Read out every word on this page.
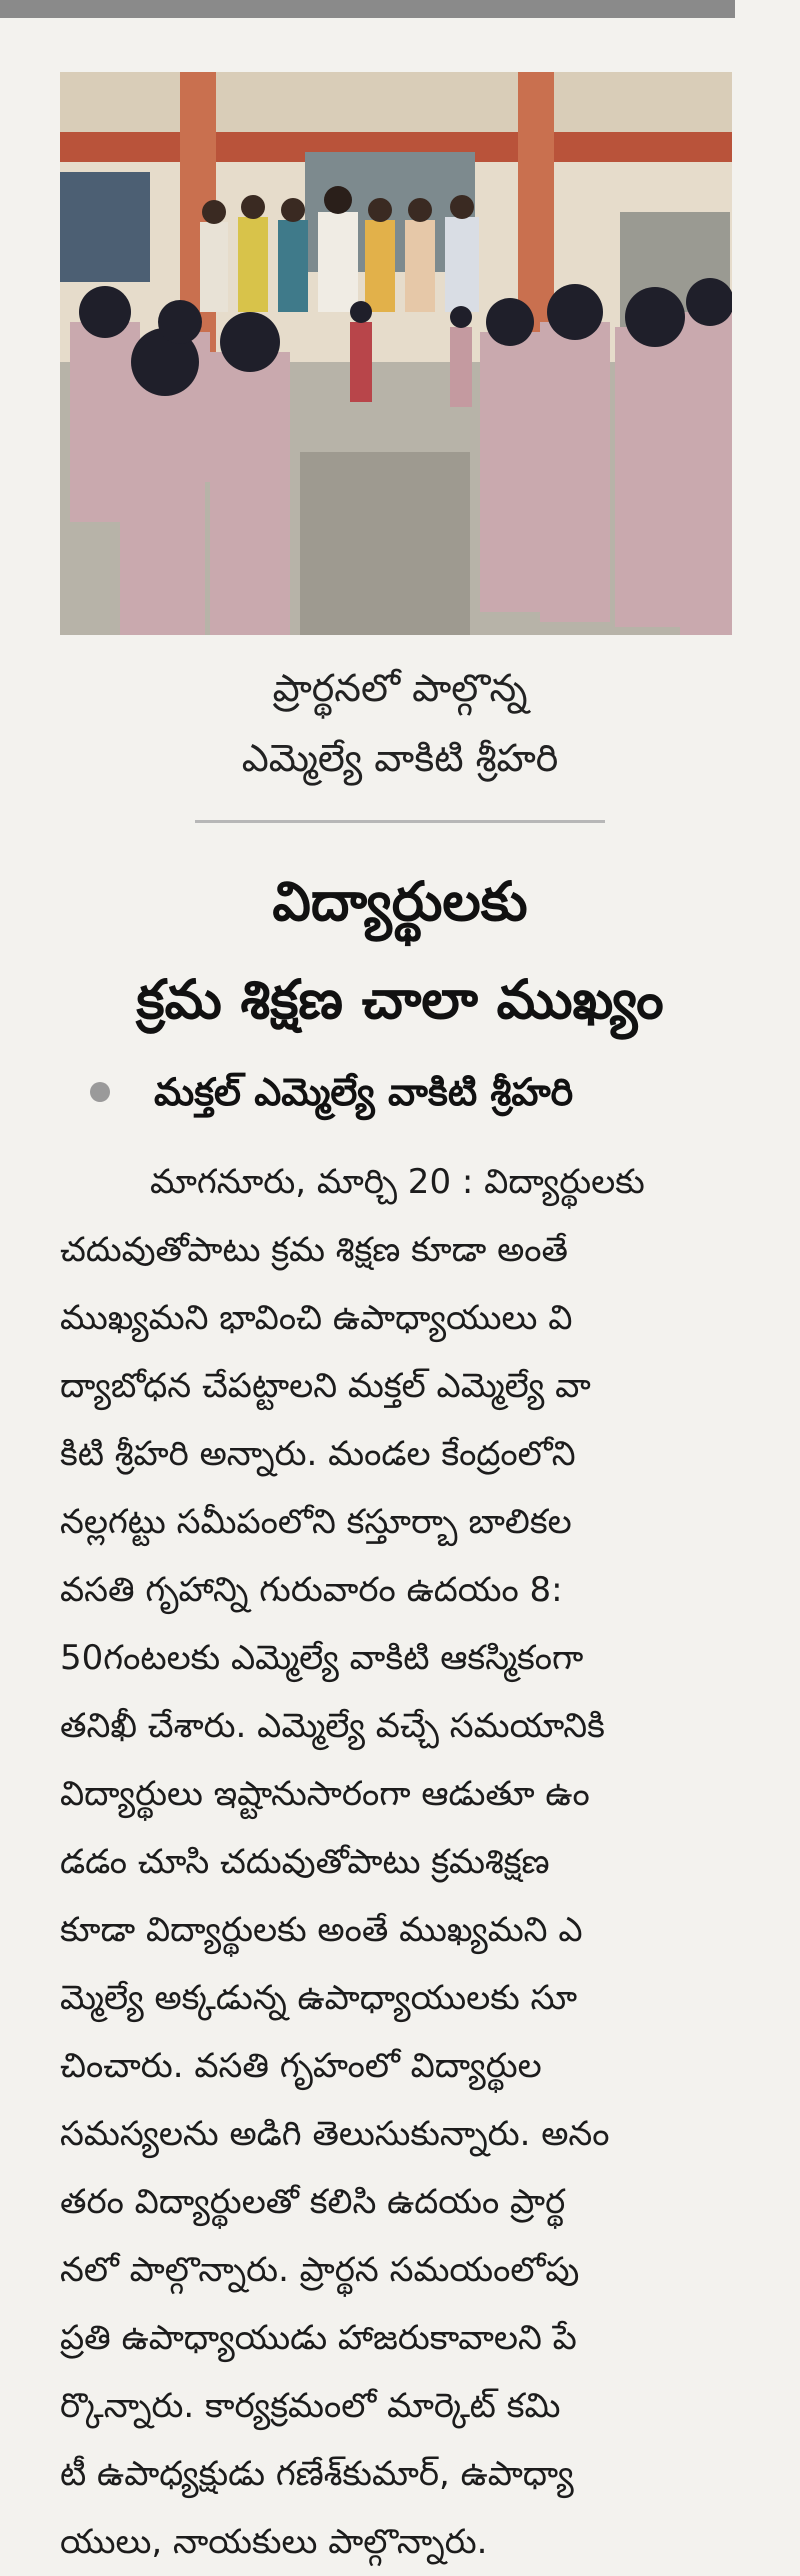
ప్రార్థనలో పాల్గొన్న
ఎమ్మెల్యే వాకిటి శ్రీహరి
విద్యార్థులకు
క్రమ శిక్షణ చాలా ముఖ్యం
మక్తల్ ఎమ్మెల్యే వాకిటి శ్రీహరి
మాగనూరు, మార్చి 20 : విద్యార్థులకు
చదువుతోపాటు క్రమ శిక్షణ కూడా అంతే
ముఖ్యమని భావించి ఉపాధ్యాయులు వి
ద్యాబోధన చేపట్టాలని మక్తల్ ఎమ్మెల్యే వా
కిటి శ్రీహరి అన్నారు. మండల కేంద్రంలోని
నల్లగట్టు సమీపంలోని కస్తూర్బా బాలికల
వసతి గృహాన్ని గురువారం ఉదయం 8:
50గంటలకు ఎమ్మెల్యే వాకిటి ఆకస్మికంగా
తనిఖీ చేశారు. ఎమ్మెల్యే వచ్చే సమయానికి
విద్యార్థులు ఇష్టానుసారంగా ఆడుతూ ఉం
డడం చూసి చదువుతోపాటు క్రమశిక్షణ
కూడా విద్యార్థులకు అంతే ముఖ్యమని ఎ
మ్మెల్యే అక్కడున్న ఉపాధ్యాయులకు సూ
చించారు. వసతి గృహంలో విద్యార్థుల
సమస్యలను అడిగి తెలుసుకున్నారు. అనం
తరం విద్యార్థులతో కలిసి ఉదయం ప్రార్థ
నలో పాల్గొన్నారు. ప్రార్థన సమయంలోపు
ప్రతి ఉపాధ్యాయుడు హాజరుకావాలని పే
ర్కొన్నారు. కార్యక్రమంలో మార్కెట్ కమి
టీ ఉపాధ్యక్షుడు గణేశ్‌కుమార్, ఉపాధ్యా
యులు, నాయకులు పాల్గొన్నారు.
